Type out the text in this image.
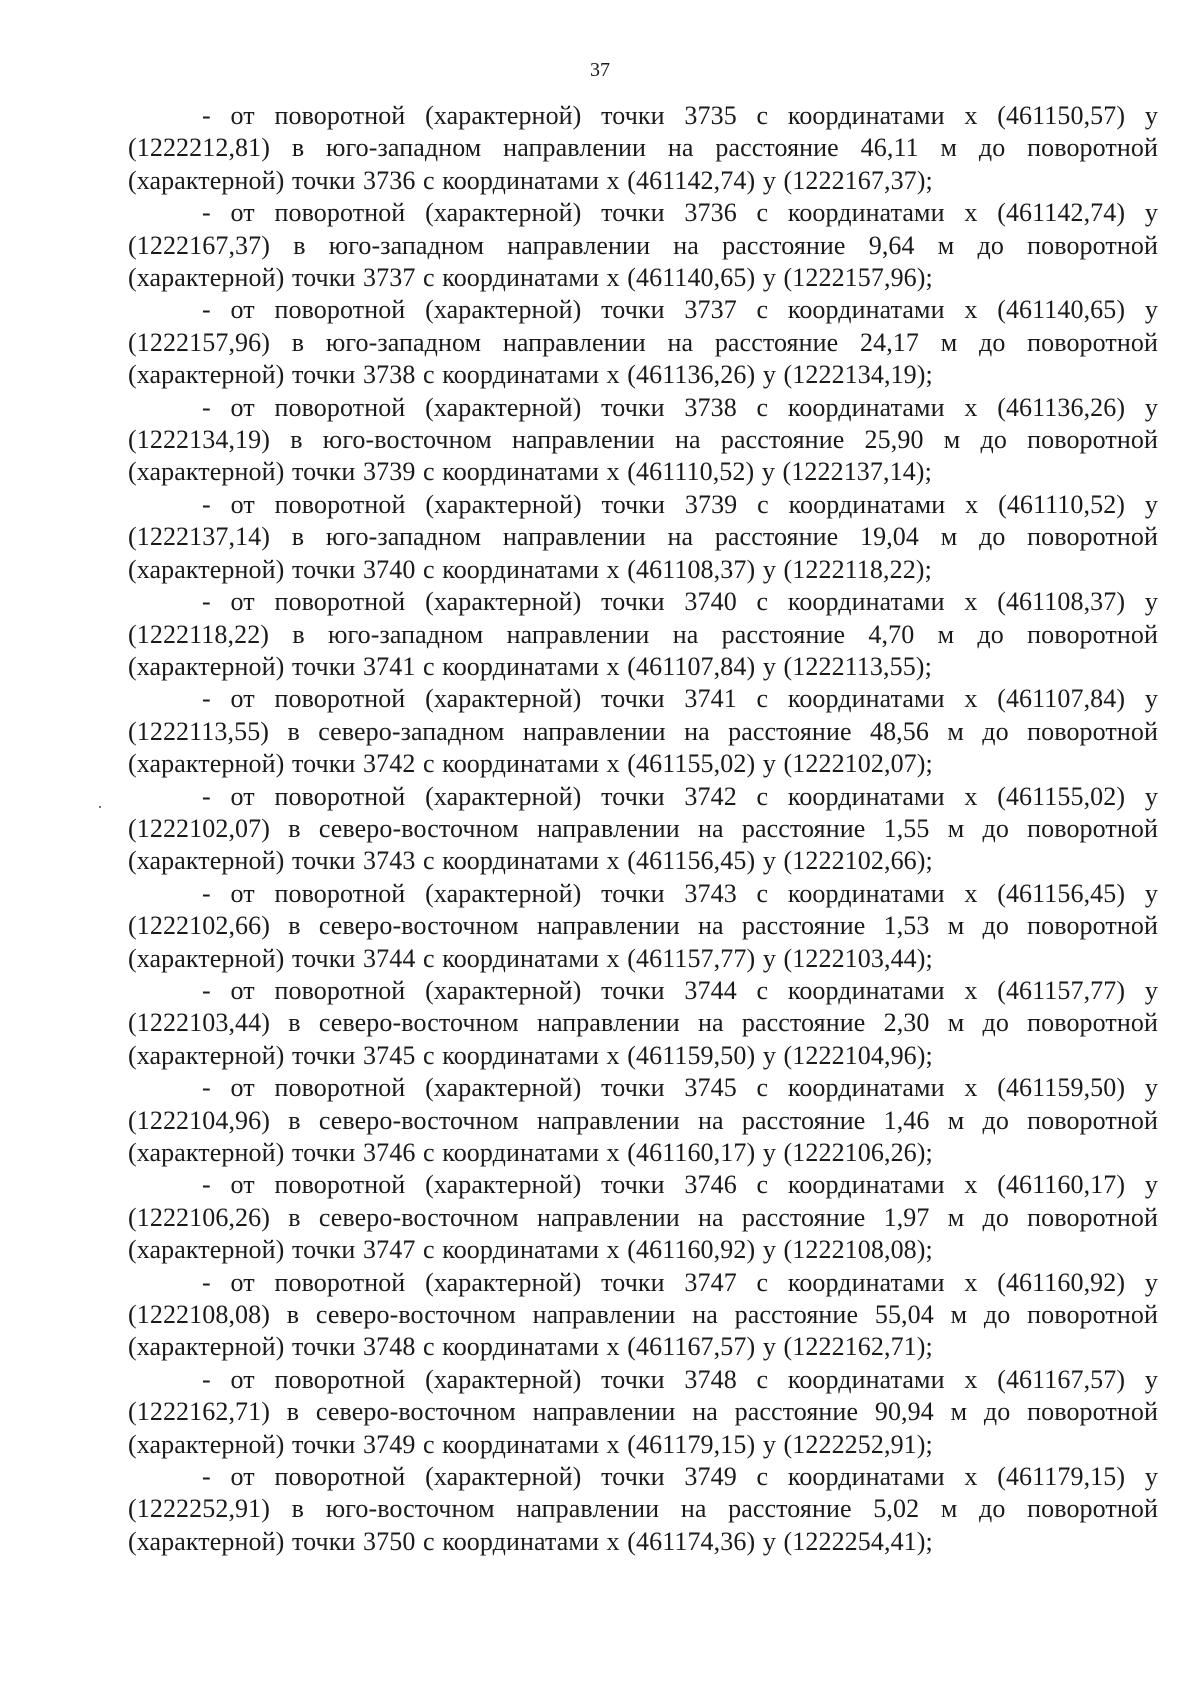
37

- от поворотной (характерной) точки 3735 с координатами х (461150,57) у (1222212,81) в юго-западном направлении на расстояние 46,11 м до поворотной (характерной) точки 3736 с координатами х (461142,74) у (1222167,37);

- от поворотной (характерной) точки 3736 с координатами х (461142,74) у (1222167,37) в юго-западном направлении на расстояние 9,64 м до поворотной (характерной) точки 3737 с координатами х (461140,65) у (1222157,96);

- от поворотной (характерной) точки 3737 с координатами х (461140,65) у (1222157,96) в юго-западном направлении на расстояние 24,17 м до поворотной (характерной) точки 3738 с координатами х (461136,26) у (1222134,19);

- от поворотной (характерной) точки 3738 с координатами х (461136,26) у (1222134,19) в юго-восточном направлении на расстояние 25,90 м до поворотной (характерной) точки 3739 с координатами х (461110,52) у (1222137,14);

- от поворотной (характерной) точки 3739 с координатами х (461110,52) у (1222137,14) в юго-западном направлении на расстояние 19,04 м до поворотной (характерной) точки 3740 с координатами х (461108,37) у (1222118,22);

- от поворотной (характерной) точки 3740 с координатами х (461108,37) у (1222118,22) в юго-западном направлении на расстояние 4,70 м до поворотной (характерной) точки 3741 с координатами х (461107,84) у (1222113,55);

- от поворотной (характерной) точки 3741 с координатами х (461107,84) у (1222113,55) в северо-западном направлении на расстояние 48,56 м до поворотной (характерной) точки 3742 с координатами х (461155,02) у (1222102,07);

- от поворотной (характерной) точки 3742 с координатами х (461155,02) у (1222102,07) в северо-восточном направлении на расстояние 1,55 м до поворотной (характерной) точки 3743 с координатами х (461156,45) у (1222102,66);

- от поворотной (характерной) точки 3743 с координатами х (461156,45) у (1222102,66) в северо-восточном направлении на расстояние 1,53 м до поворотной (характерной) точки 3744 с координатами х (461157,77) у (1222103,44);

- от поворотной (характерной) точки 3744 с координатами х (461157,77) у (1222103,44) в северо-восточном направлении на расстояние 2,30 м до поворотной (характерной) точки 3745 с координатами х (461159,50) у (1222104,96);

- от поворотной (характерной) точки 3745 с координатами х (461159,50) у (1222104,96) в северо-восточном направлении на расстояние 1,46 м до поворотной (характерной) точки 3746 с координатами х (461160,17) у (1222106,26);

- от поворотной (характерной) точки 3746 с координатами х (461160,17) у (1222106,26) в северо-восточном направлении на расстояние 1,97 м до поворотной (характерной) точки 3747 с координатами х (461160,92) у (1222108,08);

- от поворотной (характерной) точки 3747 с координатами х (461160,92) у (1222108,08) в северо-восточном направлении на расстояние 55,04 м до поворотной (характерной) точки 3748 с координатами х (461167,57) у (1222162,71);

- от поворотной (характерной) точки 3748 с координатами х (461167,57) у (1222162,71) в северо-восточном направлении на расстояние 90,94 м до поворотной (характерной) точки 3749 с координатами х (461179,15) у (1222252,91);

- от поворотной (характерной) точки 3749 с координатами х (461179,15) у (1222252,91) в юго-восточном направлении на расстояние 5,02 м до поворотной (характерной) точки 3750 с координатами х (461174,36) у (1222254,41);
